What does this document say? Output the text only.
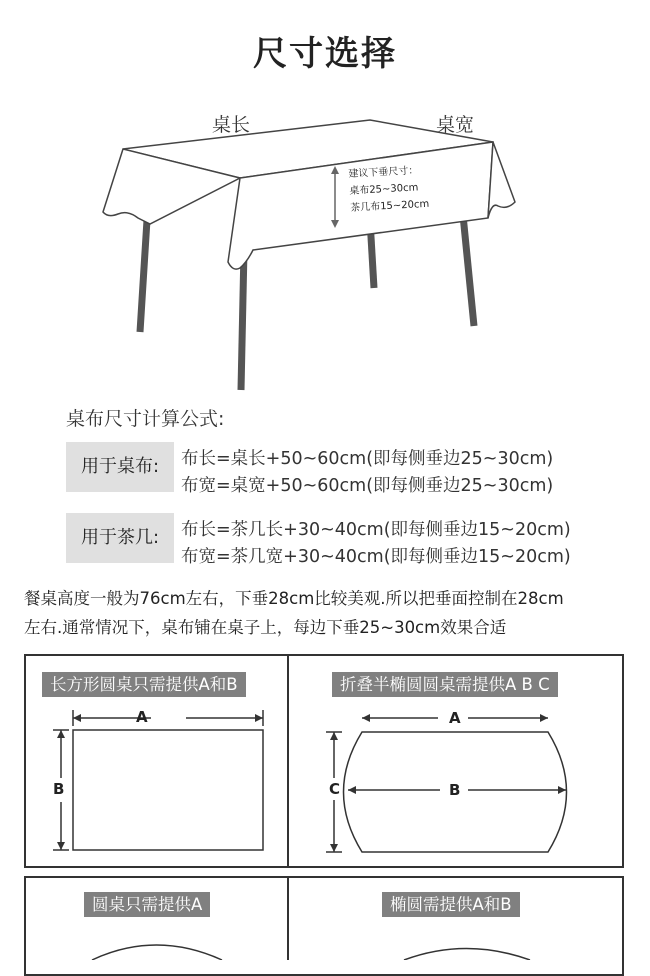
尺寸选择
桌长	桌宽
建议下垂尺寸：
桌布25~30cm
茶几布15~20cm
桌布尺寸计算公式:
用于桌布:	布长=桌长+50~60cm(即每侧垂边25~30cm)
布宽=桌宽+50~60cm(即每侧垂边25~30cm)
用于茶几:	布长=茶几长+30~40cm(即每侧垂边15~20cm)
布宽=茶几宽+30~40cm(即每侧垂边15~20cm)
餐桌高度一般为76cm左右，下垂28cm比较美观.所以把垂面控制在28cm
左右.通常情况下，桌布铺在桌子上，每边下垂25~30cm效果合适
长方形圆桌只需提供A和B	折叠半椭圆圆桌需提供A B C
A
B
A
B
C
圆桌只需提供A	椭圆需提供A和B
